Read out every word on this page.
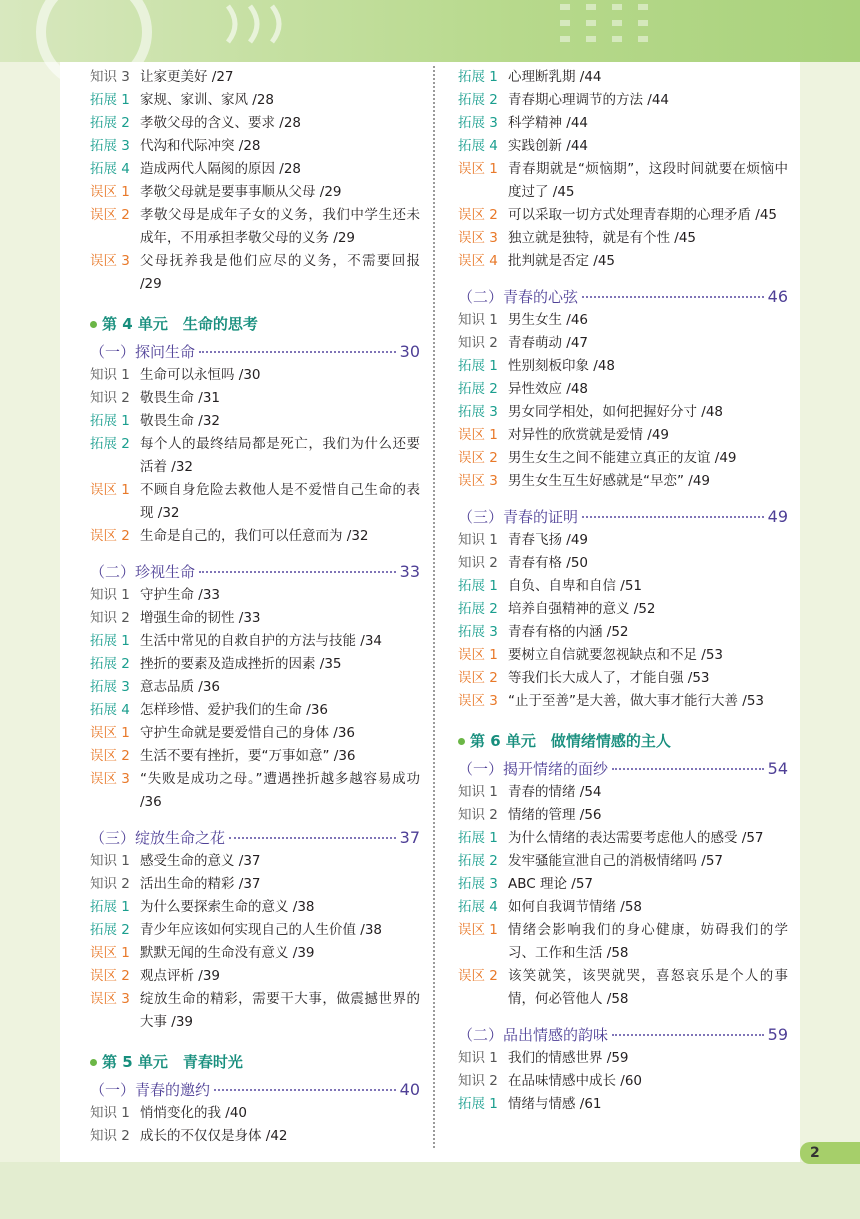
知识 3 让家更美好 /27
拓展 1 家规、家训、家风 /28
拓展 2 孝敬父母的含义、要求 /28
拓展 3 代沟和代际冲突 /28
拓展 4 造成两代人隔阂的原因 /28
误区 1 孝敬父母就是要事事顺从父母 /29
误区 2 孝敬父母是成年子女的义务，我们中学生还未成年，不用承担孝敬父母的义务 /29
误区 3 父母抚养我是他们应尽的义务，不需要回报 /29
第 4 单元　生命的思考
（一）探问生命	30
知识 1 生命可以永恒吗 /30
知识 2 敬畏生命 /31
拓展 1 敬畏生命 /32
拓展 2 每个人的最终结局都是死亡，我们为什么还要活着 /32
误区 1 不顾自身危险去救他人是不爱惜自己生命的表现 /32
误区 2 生命是自己的，我们可以任意而为 /32
（二）珍视生命	33
知识 1 守护生命 /33
知识 2 增强生命的韧性 /33
拓展 1 生活中常见的自救自护的方法与技能 /34
拓展 2 挫折的要素及造成挫折的因素 /35
拓展 3 意志品质 /36
拓展 4 怎样珍惜、爱护我们的生命 /36
误区 1 守护生命就是要爱惜自己的身体 /36
误区 2 生活不要有挫折，要“万事如意” /36
误区 3 “失败是成功之母。”遭遇挫折越多越容易成功 /36
（三）绽放生命之花	37
知识 1 感受生命的意义 /37
知识 2 活出生命的精彩 /37
拓展 1 为什么要探索生命的意义 /38
拓展 2 青少年应该如何实现自己的人生价值 /38
误区 1 默默无闻的生命没有意义 /39
误区 2 观点评析 /39
误区 3 绽放生命的精彩，需要干大事，做震撼世界的大事 /39
第 5 单元　青春时光
（一）青春的邀约	40
知识 1 悄悄变化的我 /40
知识 2 成长的不仅仅是身体 /42
拓展 1 心理断乳期 /44
拓展 2 青春期心理调节的方法 /44
拓展 3 科学精神 /44
拓展 4 实践创新 /44
误区 1 青春期就是“烦恼期”，这段时间就要在烦恼中度过了 /45
误区 2 可以采取一切方式处理青春期的心理矛盾 /45
误区 3 独立就是独特，就是有个性 /45
误区 4 批判就是否定 /45
（二）青春的心弦	46
知识 1 男生女生 /46
知识 2 青春萌动 /47
拓展 1 性别刻板印象 /48
拓展 2 异性效应 /48
拓展 3 男女同学相处，如何把握好分寸 /48
误区 1 对异性的欣赏就是爱情 /49
误区 2 男生女生之间不能建立真正的友谊 /49
误区 3 男生女生互生好感就是“早恋” /49
（三）青春的证明	49
知识 1 青春飞扬 /49
知识 2 青春有格 /50
拓展 1 自负、自卑和自信 /51
拓展 2 培养自强精神的意义 /52
拓展 3 青春有格的内涵 /52
误区 1 要树立自信就要忽视缺点和不足 /53
误区 2 等我们长大成人了，才能自强 /53
误区 3 “止于至善”是大善，做大事才能行大善 /53
第 6 单元　做情绪情感的主人
（一）揭开情绪的面纱	54
知识 1 青春的情绪 /54
知识 2 情绪的管理 /56
拓展 1 为什么情绪的表达需要考虑他人的感受 /57
拓展 2 发牢骚能宣泄自己的消极情绪吗 /57
拓展 3 ABC 理论 /57
拓展 4 如何自我调节情绪 /58
误区 1 情绪会影响我们的身心健康，妨碍我们的学习、工作和生活 /58
误区 2 该笑就笑，该哭就哭，喜怒哀乐是个人的事情，何必管他人 /58
（二）品出情感的韵味	59
知识 1 我们的情感世界 /59
知识 2 在品味情感中成长 /60
拓展 1 情绪与情感 /61
2
